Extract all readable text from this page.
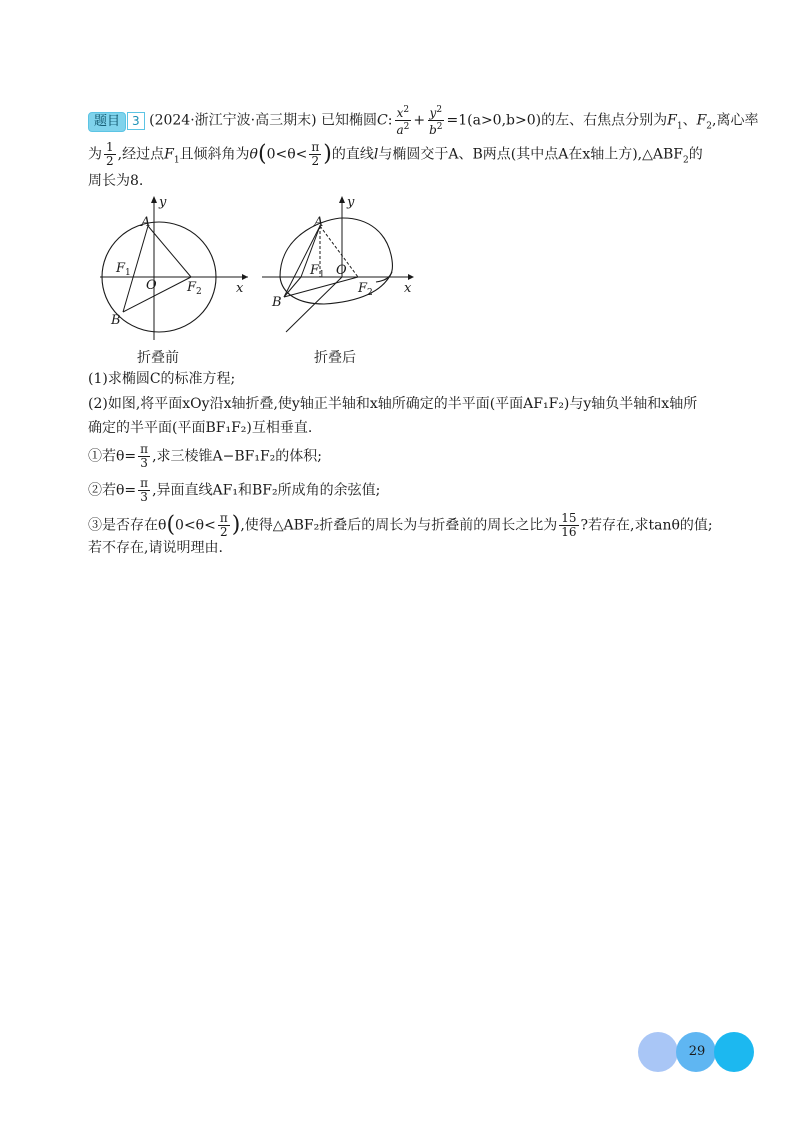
题目 3 (2024·浙江宁波·高三期末) 已知椭圆C: $\frac{x^2}{a^2} + \frac{y^2}{b^2} =1(a>0,b>0)$的左、右焦点分别为$F_1$、$F_2$,离心率
为 $\frac{1}{2}$ ,经过点$F_1$且倾斜角为$\theta(0<\theta< \frac{\pi}{2}$ )的直线l与椭圆交于A、B两点(其中点A在x轴上方)$,\triangle ABF_2$的
周长为8.
y
x
A
B
O
F 1
F 2
y
x
A
B
O
F 1
F 2
折叠前	折叠后
(1)求椭圆C的标准方程;
(2)如图,将平面xOy沿x轴折叠,使y轴正半轴和x轴所确定的半平面(平面AF₁F₂)与y轴负半轴和x轴所
确定的半平面(平面BF₁F₂)互相垂直.
①若$\theta= \frac{\pi}{3}$ ,求三棱锥A−BF₁F₂的体积;
②若$\theta= \frac{\pi}{3}$ ,异面直线AF₁和BF₂所成角的余弦值;
③是否存在$\theta(0<\theta< \frac{\pi}{2}$ ),使得△ABF₂折叠后的周长为与折叠前的周长之比为 $\frac{15}{16}$ ?若存在,求tanθ的值;
若不存在,请说明理由.
29
